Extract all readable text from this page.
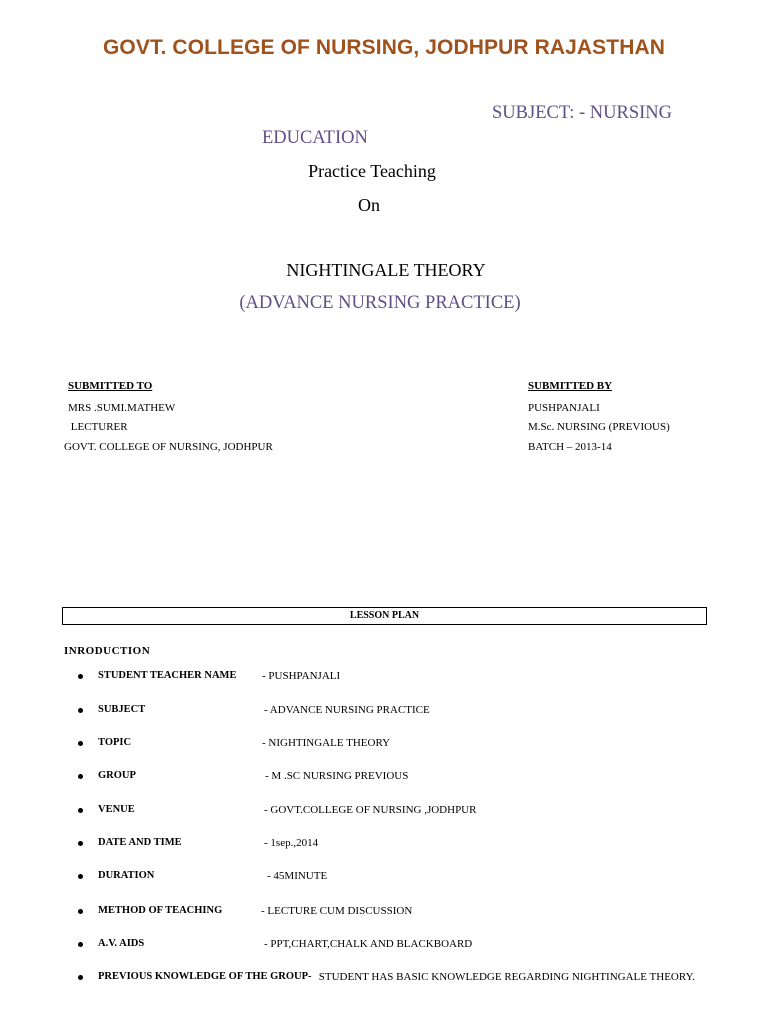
GOVT. COLLEGE OF NURSING, JODHPUR RAJASTHAN
SUBJECT: - NURSING
EDUCATION
Practice Teaching
On
NIGHTINGALE THEORY
(ADVANCE NURSING PRACTICE)
SUBMITTED TO
MRS .SUMI.MATHEW
LECTURER
GOVT. COLLEGE OF NURSING, JODHPUR
SUBMITTED BY
PUSHPANJALI
M.Sc. NURSING (PREVIOUS)
BATCH – 2013-14
LESSON PLAN
INRODUCTION
STUDENT TEACHER NAME - PUSHPANJALI
SUBJECT	- ADVANCE NURSING PRACTICE
TOPIC	- NIGHTINGALE THEORY
GROUP	- M .SC NURSING PREVIOUS
VENUE	- GOVT.COLLEGE OF NURSING ,JODHPUR
DATE AND TIME	- 1sep.,2014
DURATION	- 45MINUTE
METHOD OF TEACHING	- LECTURE CUM DISCUSSION
A.V. AIDS	- PPT,CHART,CHALK AND BLACKBOARD
PREVIOUS KNOWLEDGE OF THE GROUP- STUDENT HAS BASIC KNOWLEDGE REGARDING NIGHTINGALE THEORY.
